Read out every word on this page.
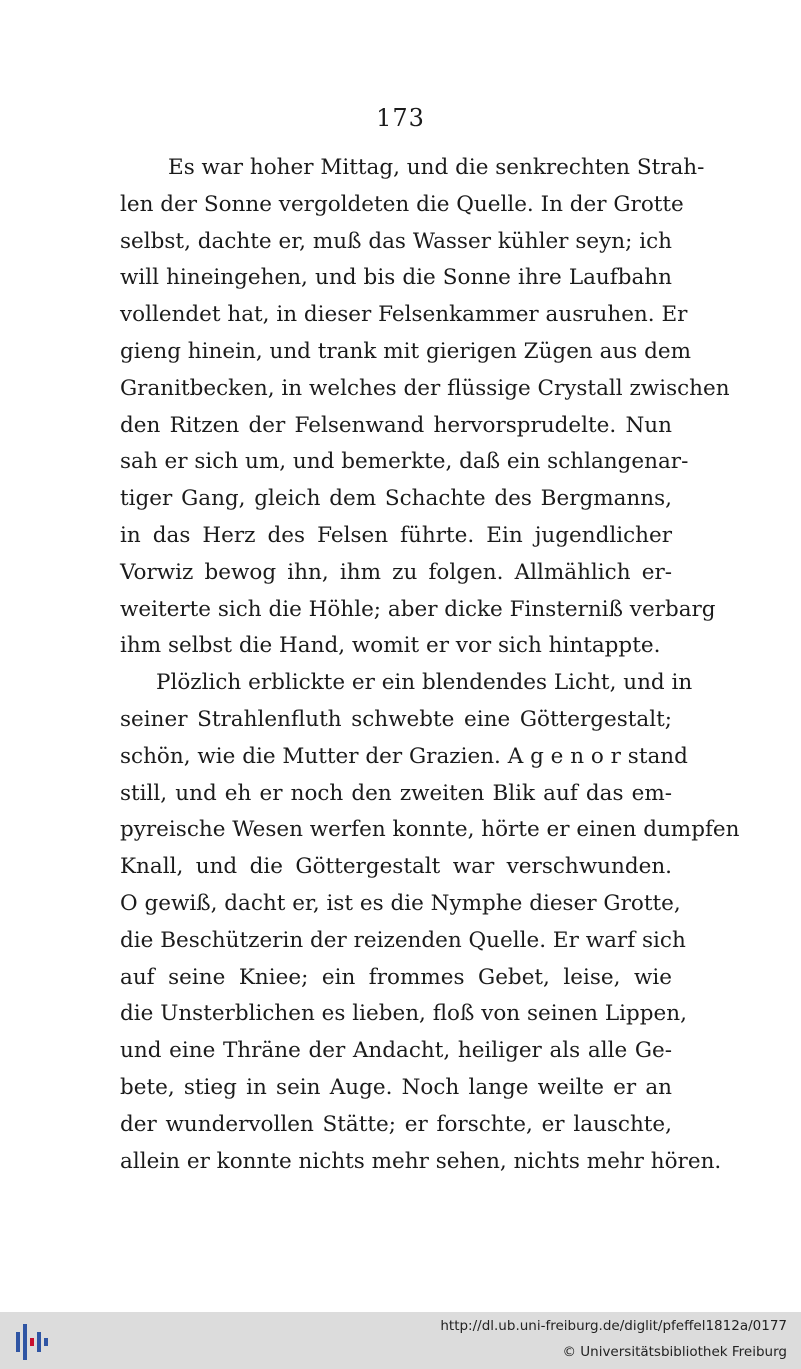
173
Es war hoher Mittag, und die senkrechten Strah-
len der Sonne vergoldeten die Quelle. In der Grotte
selbst, dachte er, muß das Wasser kühler seyn; ich
will hineingehen, und bis die Sonne ihre Laufbahn
vollendet hat, in dieser Felsenkammer ausruhen. Er
gieng hinein, und trank mit gierigen Zügen aus dem
Granitbecken, in welches der flüssige Crystall zwischen
den Ritzen der Felsenwand hervorsprudelte. Nun
sah er sich um, und bemerkte, daß ein schlangenar-
tiger Gang, gleich dem Schachte des Bergmanns,
in das Herz des Felsen führte. Ein jugendlicher
Vorwiz bewog ihn, ihm zu folgen. Allmählich er-
weiterte sich die Höhle; aber dicke Finsterniß verbarg
ihm selbst die Hand, womit er vor sich hintappte.
Plözlich erblickte er ein blendendes Licht, und in
seiner Strahlenfluth schwebte eine Göttergestalt;
schön, wie die Mutter der Grazien. A g e n o r stand
still, und eh er noch den zweiten Blik auf das em-
pyreische Wesen werfen konnte, hörte er einen dumpfen
Knall, und die Göttergestalt war verschwunden.
O gewiß, dacht er, ist es die Nymphe dieser Grotte,
die Beschützerin der reizenden Quelle. Er warf sich
auf seine Kniee; ein frommes Gebet, leise, wie
die Unsterblichen es lieben, floß von seinen Lippen,
und eine Thräne der Andacht, heiliger als alle Ge-
bete, stieg in sein Auge. Noch lange weilte er an
der wundervollen Stätte; er forschte, er lauschte,
allein er konnte nichts mehr sehen, nichts mehr hören.
http://dl.ub.uni-freiburg.de/diglit/pfeffel1812a/0177
© Universitätsbibliothek Freiburg
